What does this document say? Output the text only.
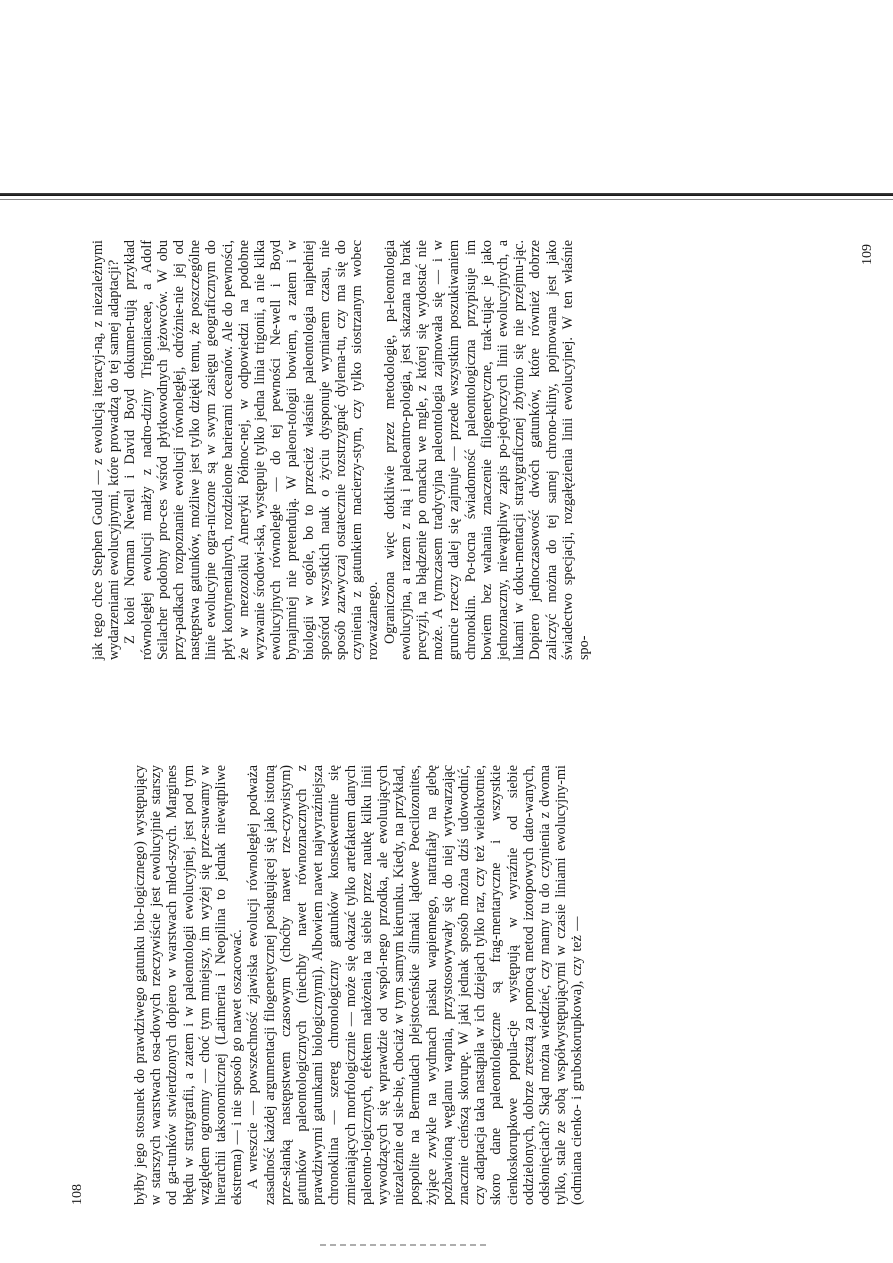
108	byłby jego stosunek do prawdziwego gatunku bio-logicznego) występujący w starszych warstwach osa-dowych rzeczywiście jest ewolucyjnie starszy od ga-tunków stwierdzonych dopiero w warstwach młod-szych. Margines błędu w stratygrafii, a zatem i w paleontologii ewolucyjnej, jest pod tym względem ogromny — choć tym mniejszy, im wyżej się prze-suwamy w hierarchii taksonomicznej (Latimeria i Neopilina to jednak niewątpliwe ekstrema) — i nie sposób go nawet oszacować. A wreszcie — powszechność zjawiska ewolucji równoległej podważa zasadność każdej argumentacji filogenetycznej posługującej się jako istotną prze-słanką następstwem czasowym (choćby nawet rze-czywistym) gatunków paleontologicznych (niechby nawet równoznacznych z prawdziwymi gatunkami biologicznymi). Albowiem nawet najwyraźniejsza chronoklina — szereg chronologiczny gatunków konsekwentnie się zmieniających morfologicznie — może się okazać tylko artefaktem danych paleonto-logicznych, efektem nałożenia na siebie przez naukę kilku linii wywodzących się wprawdzie od wspól-nego przodka, ale ewoluujących niezależnie od sie-bie, chociaż w tym samym kierunku. Kiedy, na przykład, pospolite na Bermudach plejstoceńskie ślimaki lądowe Poecilozonites, żyjące zwykle na wydmach piasku wapiennego, natrafiały na glebę pozbawioną węglanu wapnia, przystosowywały się do niej wytwarzając znacznie cieńszą skorupę. W jaki jednak sposób można dziś udowodnić, czy adaptacja taka nastąpiła w ich dziejach tylko raz, czy też wielokrotnie, skoro dane paleontologiczne są frag-mentaryczne i wszystkie cienkoskorupkowe popula-cje występują w wyraźnie od siebie oddzielonych, dobrze zresztą za pomocą metod izotopowych dato-wanych, odsłonięciach? Skąd można wiedzieć, czy mamy tu do czynienia z dwoma tylko, stale ze sobą współwystępującymi w czasie liniami ewolucyjny-mi (odmiana cienko- i gruboskorupkowa), czy też —

jak tego chce Stephen Gould — z ewolucją iteracyj-ną, z niezależnymi wydarzeniami ewolucyjnymi, które prowadzą do tej samej adaptacji? Z kolei Norman Newell i David Boyd dokumen-tują przykład równoległej ewolucji małży z nadro-dziny Trigoniaceae, a Adolf Seilacher podobny pro-ces wśród płytkowodnych jeżowców. W obu przy-padkach rozpoznanie ewolucji równoległej, odróżnie-nie jej od następstwa gatunków, możliwe jest tylko dzięki temu, że poszczególne linie ewolucyjne ogra-niczone są w swym zasięgu geograficznym do płyt kontynentalnych, rozdzielone barierami oceanów. Ale do pewności, że w mezozoiku Ameryki Północ-nej, w odpowiedzi na podobne wyzwanie środowi-ska, występuje tylko jedna linia trigonii, a nie kilka ewolucyjnych równoległe — do tej pewności Ne-well i Boyd bynajmniej nie pretendują. W paleon-tologii bowiem, a zatem i w biologii w ogóle, bo to przecież właśnie paleontologia najpełniej spośród wszystkich nauk o życiu dysponuje wymiarem czasu, nie sposób zazwyczaj ostatecznie rozstrzygnąć dylema-tu, czy ma się do czynienia z gatunkiem macierzy-stym, czy tylko siostrzanym wobec rozważanego. Ograniczona więc dotkliwie przez metodologię, pa-leontologia ewolucyjna, a razem z nią i paleoantro-pologia, jest skazana na brak precyzji, na błądzenie po omacku we mgle, z której się wydostać nie może. A tymczasem tradycyjna paleontologia zajmowała się — i w gruncie rzeczy dalej się zajmuje — przede wszystkim poszukiwaniem chronoklin. Po-tocna świadomość paleontologiczna przypisuje im bowiem bez wahania znaczenie filogenetyczne, trak-tując je jako jednoznaczny, niewątpliwy zapis po-jedynczych linii ewolucyjnych, a lukami w doku-mentacji stratygraficznej zbytnio się nie przejmu-jąc. Dopiero jednoczasowość dwóch gatunków, które również dobrze zaliczyć można do tej samej chrono-kliny, pojmowana jest jako świadectwo specjacji, rozgałęzienia linii ewolucyjnej. W ten właśnie spo-

109
